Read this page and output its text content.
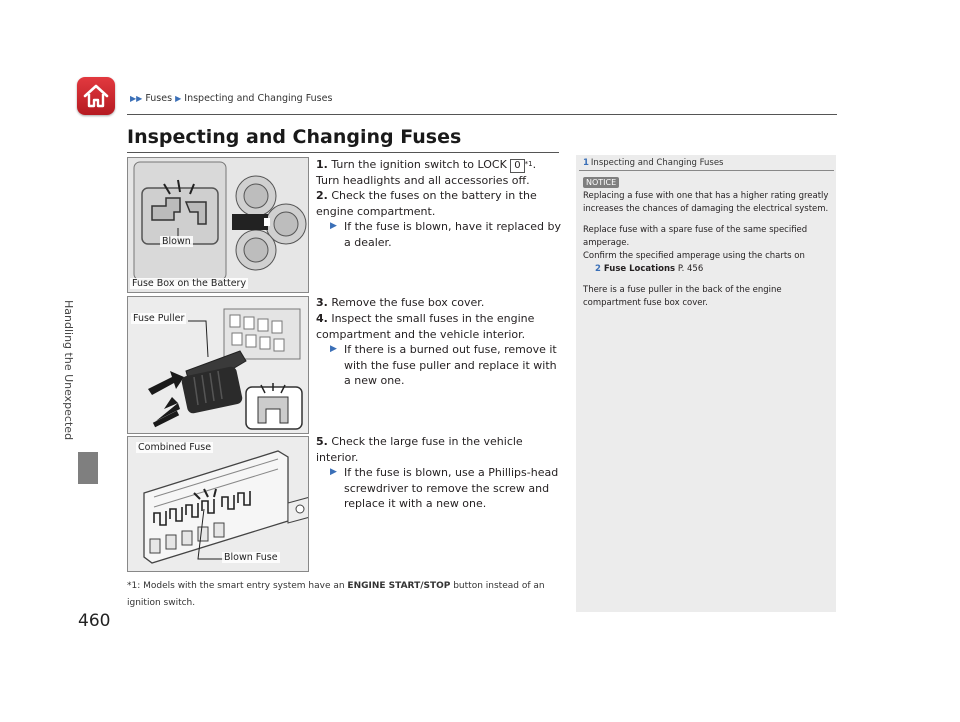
▶▶ Fuses ▶ Inspecting and Changing Fuses
Handling the Unexpected
460
Inspecting and Changing Fuses
Blown
Fuse Box on the Battery
Fuse Puller
Combined Fuse
Blown Fuse
1. Turn the ignition switch to LOCK 0 $^{*1}$. Turn headlights and all accessories off.
2. Check the fuses on the battery in the engine compartment.
▶ If the fuse is blown, have it replaced by a dealer.
3. Remove the fuse box cover.
4. Inspect the small fuses in the engine compartment and the vehicle interior.
▶ If there is a burned out fuse, remove it with the fuse puller and replace it with a new one.
5. Check the large fuse in the vehicle interior.
▶ If the fuse is blown, use a Phillips-head screwdriver to remove the screw and replace it with a new one.
*1: Models with the smart entry system have an ENGINE START/STOP button instead of an ignition switch.
1 Inspecting and Changing Fuses
NOTICE

Replacing a fuse with one that has a higher rating greatly increases the chances of damaging the electrical system.

Replace fuse with a spare fuse of the same specified amperage.

Confirm the specified amperage using the charts on

2 Fuse Locations P. 456

There is a fuse puller in the back of the engine compartment fuse box cover.
